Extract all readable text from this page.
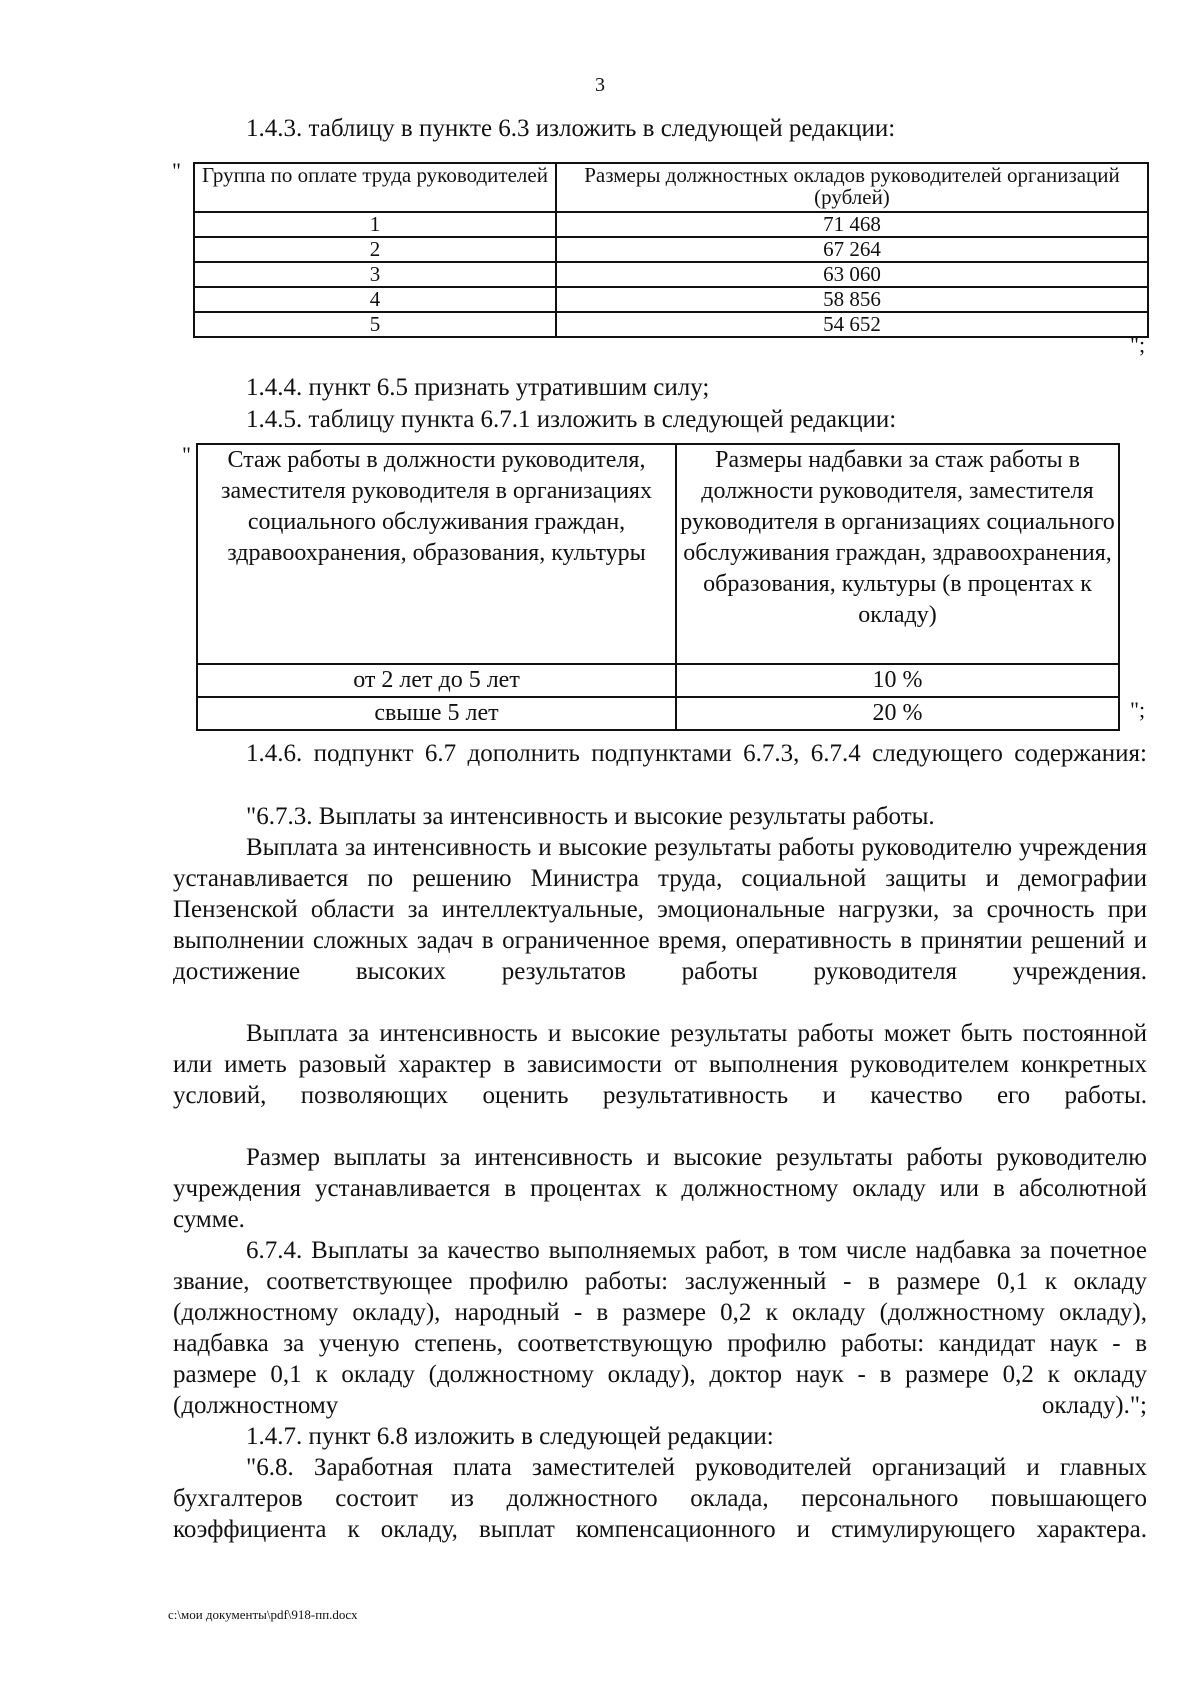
3
1.4.3. таблицу в пункте 6.3 изложить в следующей редакции:
" Группа по оплате труда руководителей	Размеры должностных окладов руководителей организаций (рублей)
1	71 468
2	67 264
3	63 060
4	58 856
5	54 652
";
1.4.4. пункт 6.5 признать утратившим силу;
1.4.5. таблицу пункта 6.7.1 изложить в следующей редакции:
" Стаж работы в должности руководителя, заместителя руководителя в организациях социального обслуживания граждан, здравоохранения, образования, культуры	Размеры надбавки за стаж работы в должности руководителя, заместителя руководителя в организациях социального обслуживания граждан, здравоохранения, образования, культуры (в процентах к окладу)
от 2 лет до 5 лет	10 %
свыше 5 лет	20 %	";
1.4.6. подпункт 6.7 дополнить подпунктами 6.7.3, 6.7.4 следующего содержания:
"6.7.3. Выплаты за интенсивность и высокие результаты работы.
Выплата за интенсивность и высокие результаты работы руководителю учреждения устанавливается по решению Министра труда, социальной защиты и демографии Пензенской области за интеллектуальные, эмоциональные нагрузки, за срочность при выполнении сложных задач в ограниченное время, оперативность в принятии решений и достижение высоких результатов работы руководителя учреждения.
Выплата за интенсивность и высокие результаты работы может быть постоянной или иметь разовый характер в зависимости от выполнения руководителем конкретных условий, позволяющих оценить результативность и качество его работы.
Размер выплаты за интенсивность и высокие результаты работы руководителю учреждения устанавливается в процентах к должностному окладу или в абсолютной сумме.
6.7.4. Выплаты за качество выполняемых работ, в том числе надбавка за почетное звание, соответствующее профилю работы: заслуженный - в размере 0,1 к окладу (должностному окладу), народный - в размере 0,2 к окладу (должностному окладу), надбавка за ученую степень, соответствующую профилю работы: кандидат наук - в размере 0,1 к окладу (должностному окладу), доктор наук - в размере 0,2 к окладу (должностному окладу).";
1.4.7. пункт 6.8 изложить в следующей редакции:
"6.8. Заработная плата заместителей руководителей организаций и главных бухгалтеров состоит из должностного оклада, персонального повышающего коэффициента к окладу, выплат компенсационного и стимулирующего характера.
c:\мои документы\pdf\918-пп.docx
